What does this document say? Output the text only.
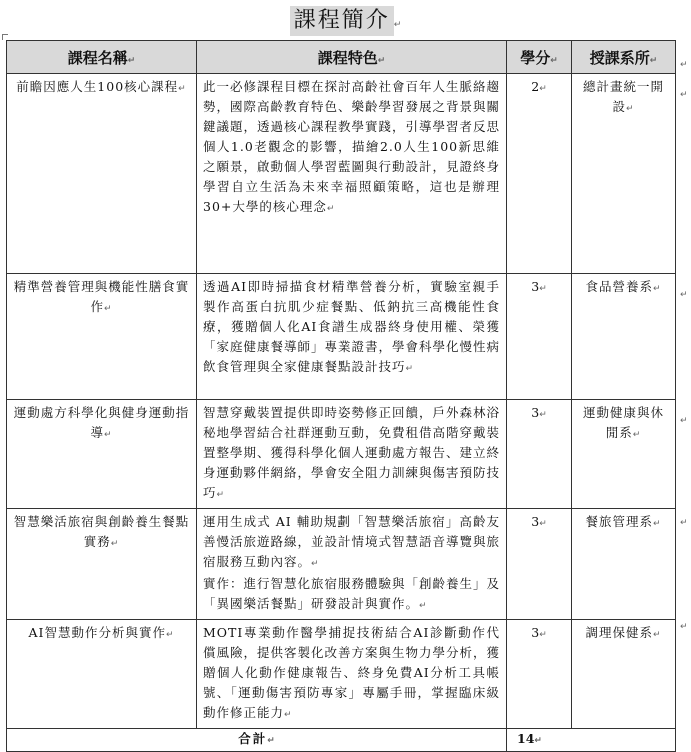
課程簡介 ↵
課程名稱↵	課程特色↵	學分↵	授課系所↵
前瞻因應人生100核心課程↵	此一必修課程目標在探討高齡社會百年人生脈絡趨勢，國際高齡教育特色、樂齡學習發展之背景與關鍵議題，透過核心課程教學實踐，引導學習者反思個人1.0老觀念的影響，描繪2.0人生100新思維之願景，啟動個人學習藍圖與行動設計，見證終身學習自立生活為未來幸福照顧策略，這也是辦理30+大學的核心理念↵	2↵	總計畫統一開設↵
精準營養管理與機能性膳食實作↵	透過AI即時掃描食材精準營養分析，實驗室親手製作高蛋白抗肌少症餐點、低鈉抗三高機能性食療，獲贈個人化AI食譜生成器終身使用權、榮獲「家庭健康餐導師」專業證書，學會科學化慢性病飲食管理與全家健康餐點設計技巧↵	3↵	食品營養系↵
運動處方科學化與健身運動指導↵	智慧穿戴裝置提供即時姿勢修正回饋，戶外森林浴秘地學習結合社群運動互動，免費租借高階穿戴裝置整學期、獲得科學化個人運動處方報告、建立終身運動夥伴網絡，學會安全阻力訓練與傷害預防技巧↵	3↵	運動健康與休閒系↵
智慧樂活旅宿與創齡養生餐點實務↵	運用生成式 AI 輔助規劃「智慧樂活旅宿」高齡友善慢活旅遊路線，並設計情境式智慧語音導覽與旅宿服務互動內容。↵
實作：進行智慧化旅宿服務體驗與「創齡養生」及「異國樂活餐點」研發設計與實作。↵	3↵	餐旅管理系↵
AI智慧動作分析與實作↵	MOTI專業動作醫學捕捉技術結合AI診斷動作代償風險，提供客製化改善方案與生物力學分析，獲贈個人化動作健康報告、終身免費AI分析工具帳號、「運動傷害預防專家」專屬手冊，掌握臨床級動作修正能力↵	3↵	調理保健系↵
合計↵		14↵	
↵
↵
↵
↵
↵
↵
